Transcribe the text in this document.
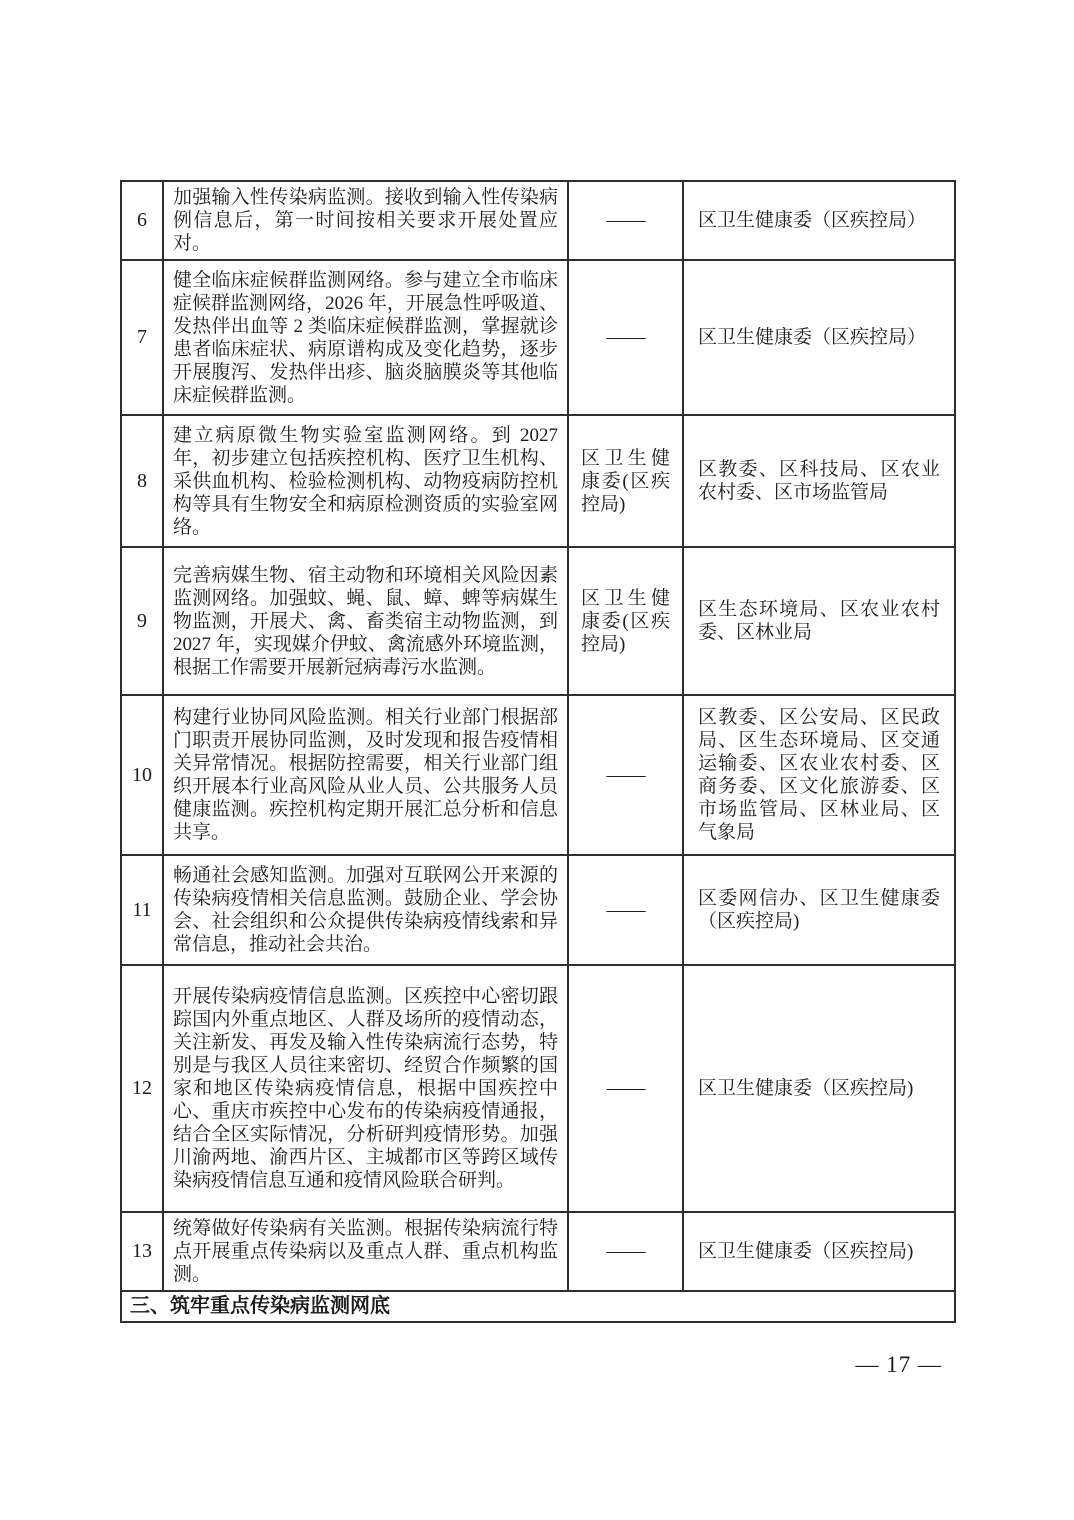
6	加强输入性传染病监测。接收到输入性传染病例信息后，第一时间按相关要求开展处置应对。	——	区卫生健康委（区疾控局）
7	健全临床症候群监测网络。参与建立全市临床症候群监测网络，2026 年，开展急性呼吸道、发热伴出血等 2 类临床症候群监测，掌握就诊患者临床症状、病原谱构成及变化趋势，逐步开展腹泻、发热伴出疹、脑炎脑膜炎等其他临床症候群监测。	——	区卫生健康委（区疾控局）
8	建立病原微生物实验室监测网络。到 2027 年，初步建立包括疾控机构、医疗卫生机构、采供血机构、检验检测机构、动物疫病防控机构等具有生物安全和病原检测资质的实验室网络。	区卫生健康委(区疾控局)	区教委、区科技局、区农业农村委、区市场监管局
9	完善病媒生物、宿主动物和环境相关风险因素监测网络。加强蚊、蝇、鼠、蟑、蜱等病媒生物监测，开展犬、禽、畜类宿主动物监测，到 2027 年，实现媒介伊蚊、禽流感外环境监测，根据工作需要开展新冠病毒污水监测。	区卫生健康委(区疾控局)	区生态环境局、区农业农村委、区林业局
10	构建行业协同风险监测。相关行业部门根据部门职责开展协同监测，及时发现和报告疫情相关异常情况。根据防控需要，相关行业部门组织开展本行业高风险从业人员、公共服务人员健康监测。疾控机构定期开展汇总分析和信息共享。	——	区教委、区公安局、区民政局、区生态环境局、区交通运输委、区农业农村委、区商务委、区文化旅游委、区市场监管局、区林业局、区气象局
11	畅通社会感知监测。加强对互联网公开来源的传染病疫情相关信息监测。鼓励企业、学会协会、社会组织和公众提供传染病疫情线索和异常信息，推动社会共治。	——	区委网信办、区卫生健康委（区疾控局)
12	开展传染病疫情信息监测。区疾控中心密切跟踪国内外重点地区、人群及场所的疫情动态，关注新发、再发及输入性传染病流行态势，特别是与我区人员往来密切、经贸合作频繁的国家和地区传染病疫情信息，根据中国疾控中心、重庆市疾控中心发布的传染病疫情通报，结合全区实际情况，分析研判疫情形势。加强川渝两地、渝西片区、主城都市区等跨区域传染病疫情信息互通和疫情风险联合研判。	——	区卫生健康委（区疾控局)
13	统筹做好传染病有关监测。根据传染病流行特点开展重点传染病以及重点人群、重点机构监测。	——	区卫生健康委（区疾控局)
三、筑牢重点传染病监测网底			
— 17 —
